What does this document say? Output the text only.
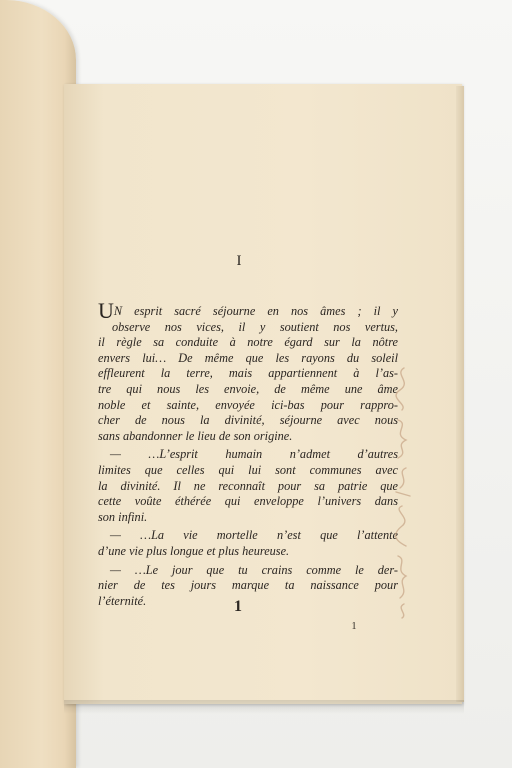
I
UN esprit sacré séjourne en nos âmes ; il y
observe nos vices, il y soutient nos vertus,
il règle sa conduite à notre égard sur la nôtre
envers lui… De même que les rayons du soleil
effleurent la terre, mais appartiennent à l’as-
tre qui nous les envoie, de même une âme
noble et sainte, envoyée ici-bas pour rappro-
cher de nous la divinité, séjourne avec nous
sans abandonner le lieu de son origine.
— …L’esprit humain n’admet d’autres
limites que celles qui lui sont communes avec
la divinité. Il ne reconnaît pour sa patrie que
cette voûte éthérée qui enveloppe l’univers dans
son infini.
— …La vie mortelle n’est que l’attente
d’une vie plus longue et plus heureuse.
— …Le jour que tu crains comme le der-
nier de tes jours marque ta naissance pour
l’éternité.	1
1
